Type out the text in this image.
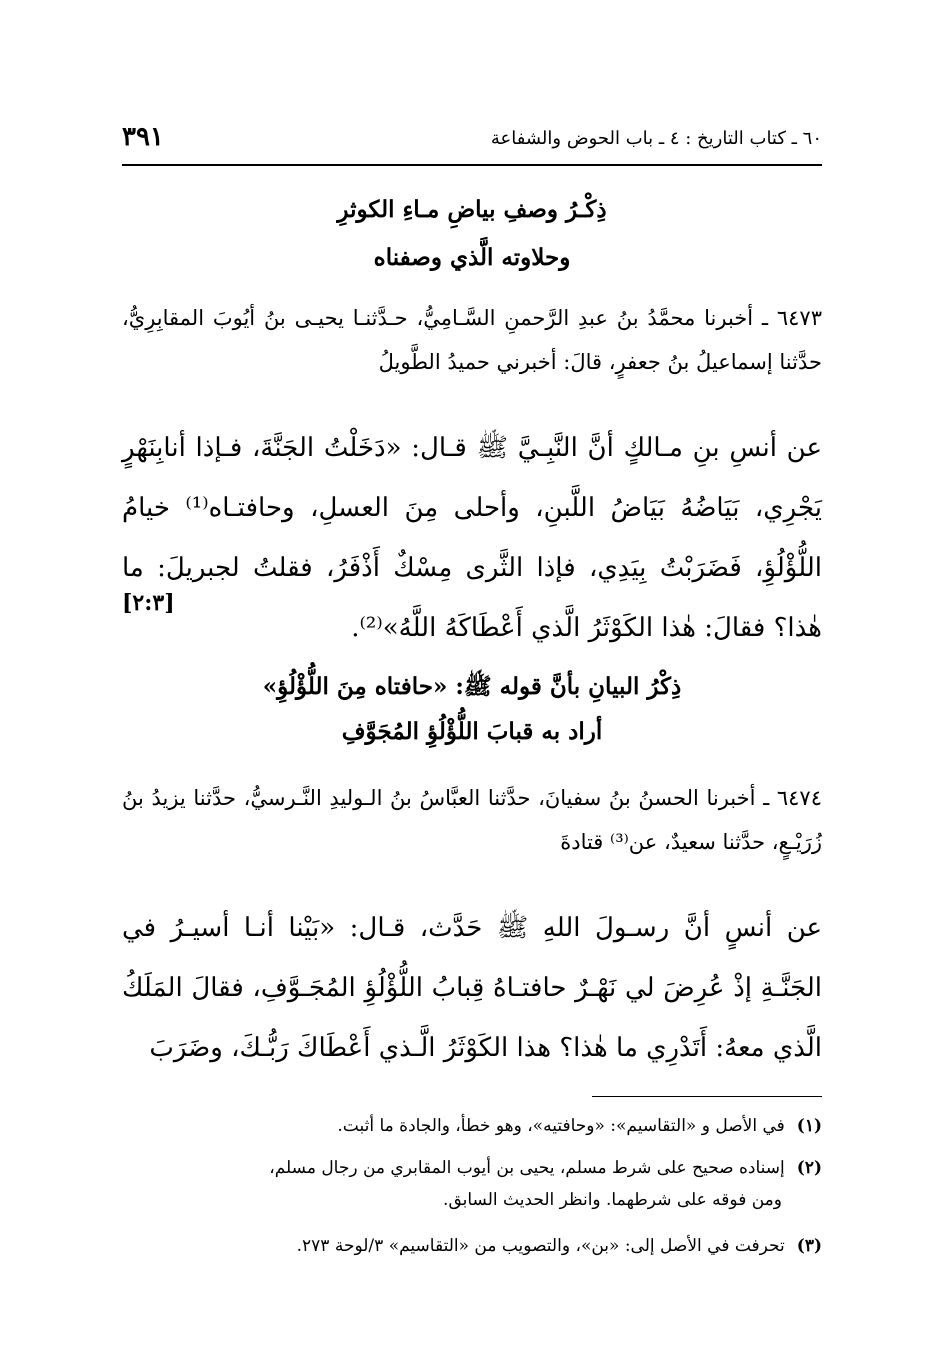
٣٩١	٦٠ ـ كتاب التاريخ : ٤ ـ باب الحوض والشفاعة
ذِكْـرُ وصفِ بياضِ مـاءِ الكوثرِ
وحلاوته الَّذي وصفناه
٦٤٧٣ ـ أخبرنا محمَّدُ بنُ عبدِ الرَّحمنِ السَّـامِيُّ، حـدَّثنـا يحيـى بنُ أيُوبَ المقابِرِيُّ، حدَّثنا إسماعيلُ بنُ جعفرٍ، قالَ: أخبرني حميدُ الطَّويلُ
عن أنسِ بنِ مـالكٍ أنَّ النَّبِـيَّ ﷺ قـال: «دَخَلْتُ الجَنَّةَ، فـإذا أنابِنَهْرٍ يَجْرِي، بَيَاضُهُ بَيَاضُ اللَّبنِ، وأحلى مِنَ العسلِ، وحافتـاه⁽¹⁾ خيامُ اللُّؤْلُؤِ، فَضَرَبْتُ بِيَدِي، فإذا الثَّرى مِسْكٌ أَذْفَرُ، فقلتُ لجبريلَ: ما هٰذا؟ فقالَ: هٰذا الكَوْثَرُ الَّذي أَعْطَاكَهُ اللَّهُ»⁽²⁾.
[٢:٣]
ذِكْرُ البيانِ بأنَّ قوله ﷺ: «حافتاه مِنَ اللُّؤْلُؤِ»
أراد به قبابَ اللُّؤْلُؤِ المُجَوَّفِ
٦٤٧٤ ـ أخبرنا الحسنُ بنُ سفيانَ، حدَّثنا العبَّاسُ بنُ الـوليدِ النَّـرسيُّ، حدَّثنا يزيدُ بنُ زُرَيْـعٍ، حدَّثنا سعيدٌ، عن⁽³⁾ قتادةَ
عن أنسٍ أنَّ رسـولَ اللهِ ﷺ حَدَّث، قـال: «بَيْنا أنـا أسيـرُ في الجَنَّـةِ إذْ عُرِضَ لي نَهْـرٌ حافتـاهُ قِبابُ اللُّؤْلُؤِ المُجَـوَّفِ، فقالَ المَلَكُ الَّذي معهُ: أَتَدْرِي ما هٰذا؟ هذا الكَوْثَرُ الَّـذي أَعْطَاكَ رَبُّـكَ، وضَرَبَ
(١)في الأصل و «التقاسيم»: «وحافتيه»، وهو خطأ، والجادة ما أثبت.
(٢)إسناده صحيح على شرط مسلم، يحيى بن أيوب المقابري من رجال مسلم،
ومن فوقه على شرطهما. وانظر الحديث السابق.
(٣)تحرفت في الأصل إلى: «بن»، والتصويب من «التقاسيم» ٣/لوحة ٢٧٣.
